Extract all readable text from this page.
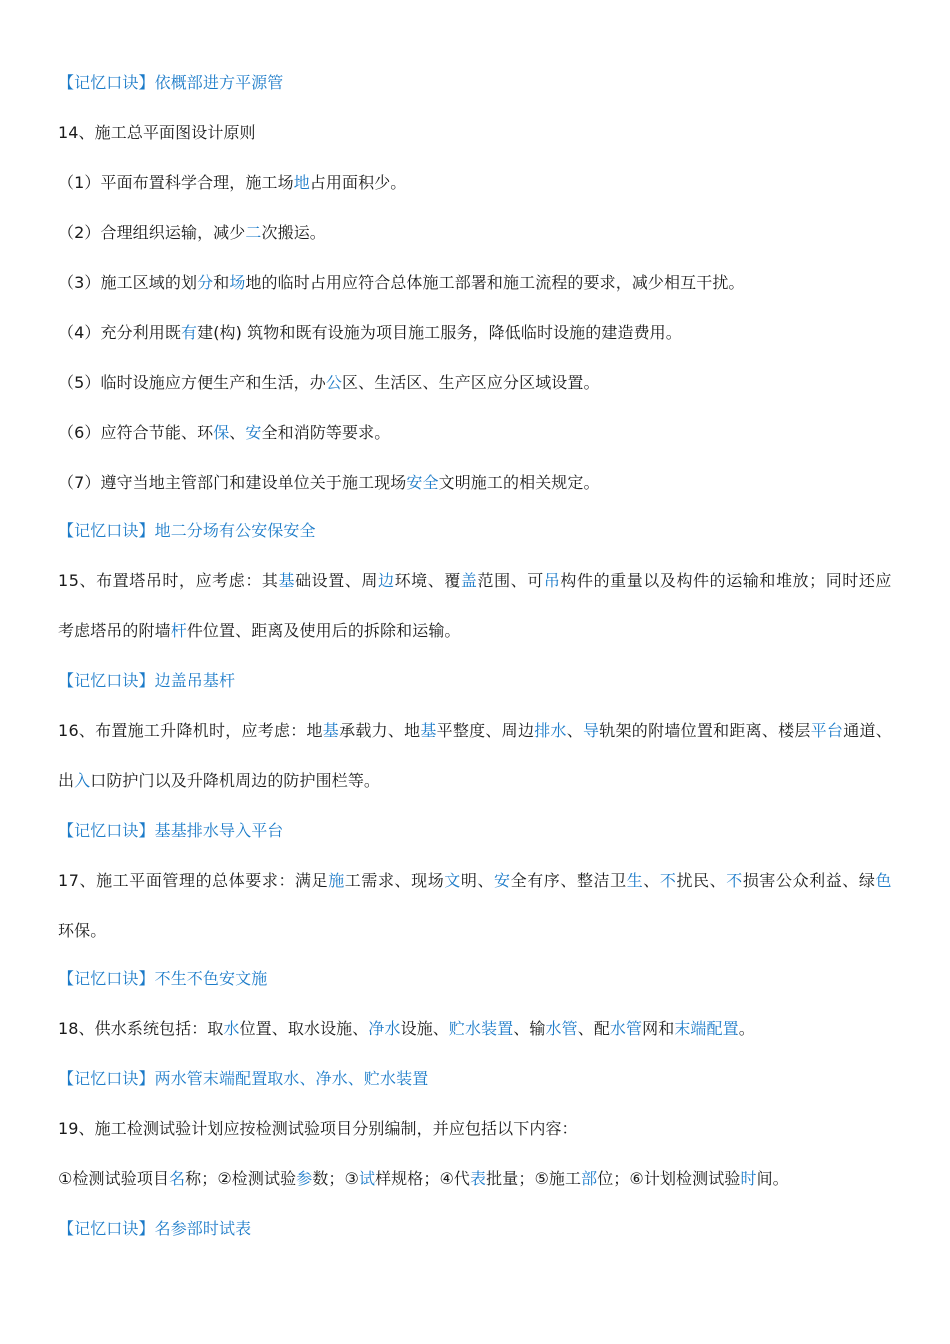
【记忆口诀】依概部进方平源管
14、施工总平面图设计原则
（1）平面布置科学合理，施工场地占用面积少。
（2）合理组织运输，减少二次搬运。
（3）施工区域的划分和场地的临时占用应符合总体施工部署和施工流程的要求，减少相互干扰。
（4）充分利用既有建(构) 筑物和既有设施为项目施工服务，降低临时设施的建造费用。
（5）临时设施应方便生产和生活，办公区、生活区、生产区应分区域设置。
（6）应符合节能、环保、安全和消防等要求。
（7）遵守当地主管部门和建设单位关于施工现场安全文明施工的相关规定。
【记忆口诀】地二分场有公安保安全
15、布置塔吊时，应考虑：其基础设置、周边环境、覆盖范围、可吊构件的重量以及构件的运输和堆放；同时还应
考虑塔吊的附墙杆件位置、距离及使用后的拆除和运输。
【记忆口诀】边盖吊基杆
16、布置施工升降机时，应考虑：地基承载力、地基平整度、周边排水、导轨架的附墙位置和距离、楼层平台通道、
出入口防护门以及升降机周边的防护围栏等。
【记忆口诀】基基排水导入平台
17、施工平面管理的总体要求：满足施工需求、现场文明、安全有序、整洁卫生、不扰民、不损害公众利益、绿色
环保。
【记忆口诀】不生不色安文施
18、供水系统包括：取水位置、取水设施、净水设施、贮水装置、输水管、配水管网和末端配置。
【记忆口诀】两水管末端配置取水、净水、贮水装置
19、施工检测试验计划应按检测试验项目分别编制，并应包括以下内容：
①检测试验项目名称；②检测试验参数；③试样规格；④代表批量；⑤施工部位；⑥计划检测试验时间。
【记忆口诀】名参部时试表
